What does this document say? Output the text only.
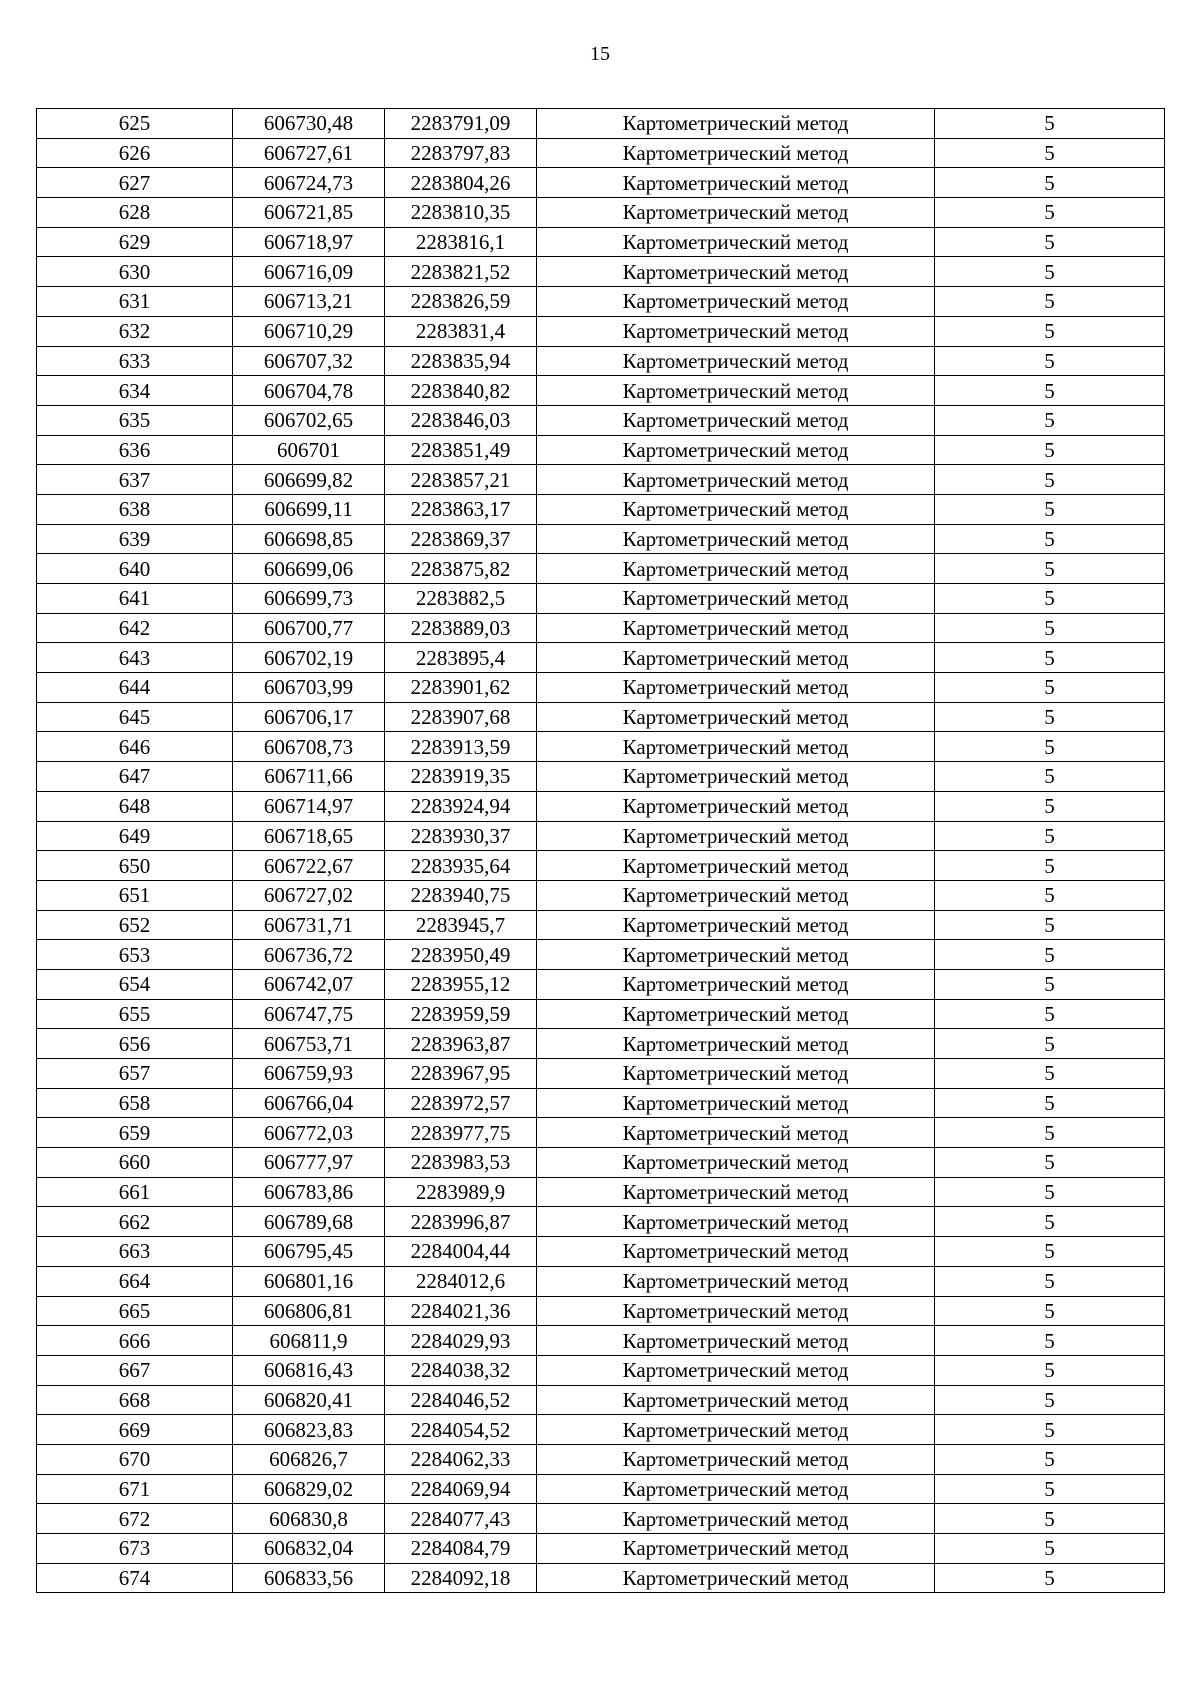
15
625	606730,48	2283791,09	Картометрический метод	5
626	606727,61	2283797,83	Картометрический метод	5
627	606724,73	2283804,26	Картометрический метод	5
628	606721,85	2283810,35	Картометрический метод	5
629	606718,97	2283816,1	Картометрический метод	5
630	606716,09	2283821,52	Картометрический метод	5
631	606713,21	2283826,59	Картометрический метод	5
632	606710,29	2283831,4	Картометрический метод	5
633	606707,32	2283835,94	Картометрический метод	5
634	606704,78	2283840,82	Картометрический метод	5
635	606702,65	2283846,03	Картометрический метод	5
636	606701	2283851,49	Картометрический метод	5
637	606699,82	2283857,21	Картометрический метод	5
638	606699,11	2283863,17	Картометрический метод	5
639	606698,85	2283869,37	Картометрический метод	5
640	606699,06	2283875,82	Картометрический метод	5
641	606699,73	2283882,5	Картометрический метод	5
642	606700,77	2283889,03	Картометрический метод	5
643	606702,19	2283895,4	Картометрический метод	5
644	606703,99	2283901,62	Картометрический метод	5
645	606706,17	2283907,68	Картометрический метод	5
646	606708,73	2283913,59	Картометрический метод	5
647	606711,66	2283919,35	Картометрический метод	5
648	606714,97	2283924,94	Картометрический метод	5
649	606718,65	2283930,37	Картометрический метод	5
650	606722,67	2283935,64	Картометрический метод	5
651	606727,02	2283940,75	Картометрический метод	5
652	606731,71	2283945,7	Картометрический метод	5
653	606736,72	2283950,49	Картометрический метод	5
654	606742,07	2283955,12	Картометрический метод	5
655	606747,75	2283959,59	Картометрический метод	5
656	606753,71	2283963,87	Картометрический метод	5
657	606759,93	2283967,95	Картометрический метод	5
658	606766,04	2283972,57	Картометрический метод	5
659	606772,03	2283977,75	Картометрический метод	5
660	606777,97	2283983,53	Картометрический метод	5
661	606783,86	2283989,9	Картометрический метод	5
662	606789,68	2283996,87	Картометрический метод	5
663	606795,45	2284004,44	Картометрический метод	5
664	606801,16	2284012,6	Картометрический метод	5
665	606806,81	2284021,36	Картометрический метод	5
666	606811,9	2284029,93	Картометрический метод	5
667	606816,43	2284038,32	Картометрический метод	5
668	606820,41	2284046,52	Картометрический метод	5
669	606823,83	2284054,52	Картометрический метод	5
670	606826,7	2284062,33	Картометрический метод	5
671	606829,02	2284069,94	Картометрический метод	5
672	606830,8	2284077,43	Картометрический метод	5
673	606832,04	2284084,79	Картометрический метод	5
674	606833,56	2284092,18	Картометрический метод	5
